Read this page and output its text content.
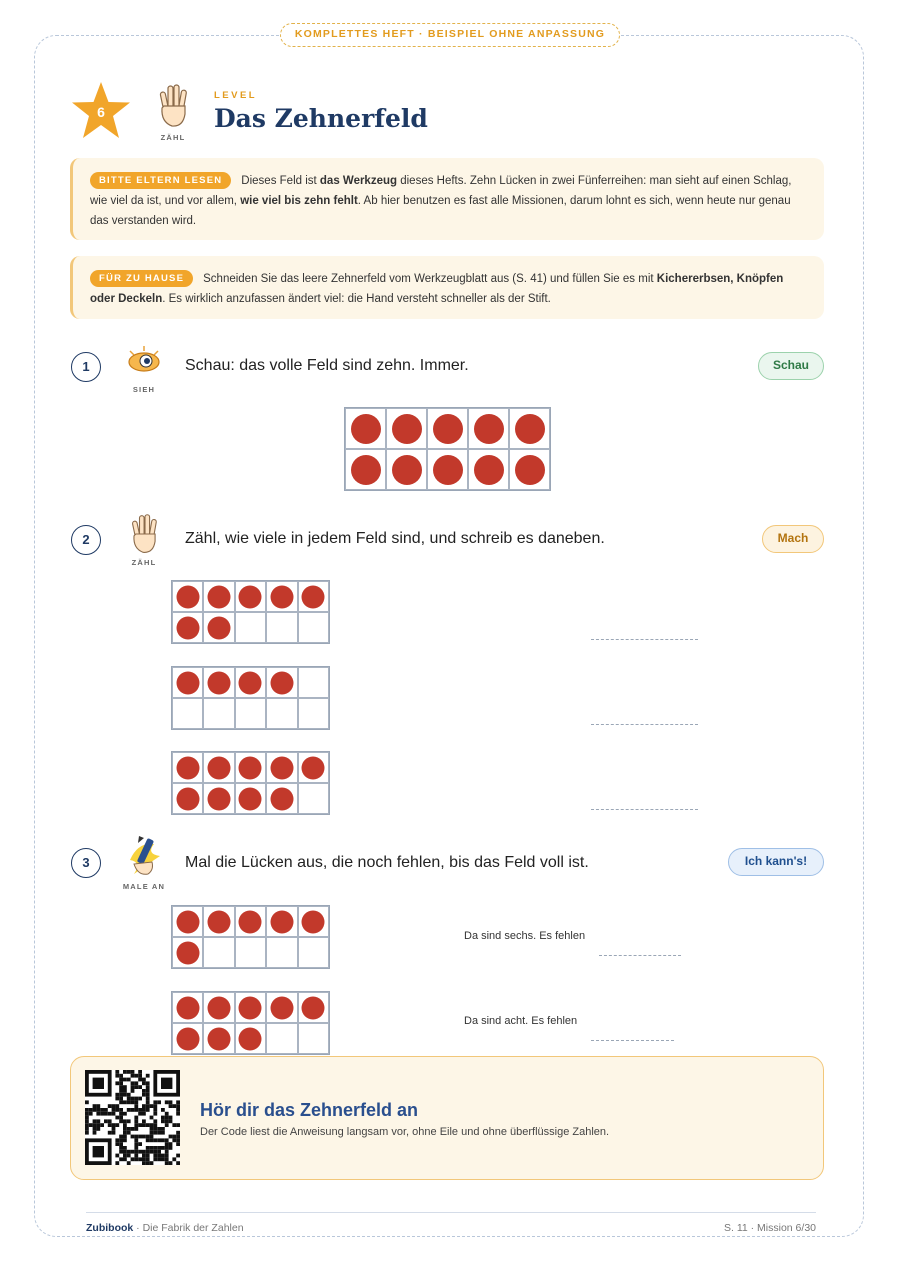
KOMPLETTES HEFT · BEISPIEL OHNE ANPASSUNG
6
ZÄHL
LEVEL
Das Zehnerfeld
BITTE ELTERN LESEN Dieses Feld ist das Werkzeug dieses Hefts. Zehn Lücken in zwei Fünferreihen: man sieht auf einen Schlag, wie viel da ist, und vor allem, wie viel bis zehn fehlt. Ab hier benutzen es fast alle Missionen, darum lohnt es sich, wenn heute nur genau das verstanden wird.
FÜR ZU HAUSE Schneiden Sie das leere Zehnerfeld vom Werkzeugblatt aus (S. 41) und füllen Sie es mit Kichererbsen, Knöpfen oder Deckeln. Es wirklich anzufassen ändert viel: die Hand versteht schneller als der Stift.
1
SIEH
Schau: das volle Feld sind zehn. Immer.	Schau
2
ZÄHL
Zähl, wie viele in jedem Feld sind, und schreib es daneben.	Mach
3
MALE AN
Mal die Lücken aus, die noch fehlen, bis das Feld voll ist.	Ich kann's!
Da sind sechs. Es fehlen
Da sind acht. Es fehlen
Hör dir das Zehnerfeld an
Der Code liest die Anweisung langsam vor, ohne Eile und ohne überflüssige Zahlen.
Zubibook · Die Fabrik der Zahlen	S. 11 · Mission 6/30
